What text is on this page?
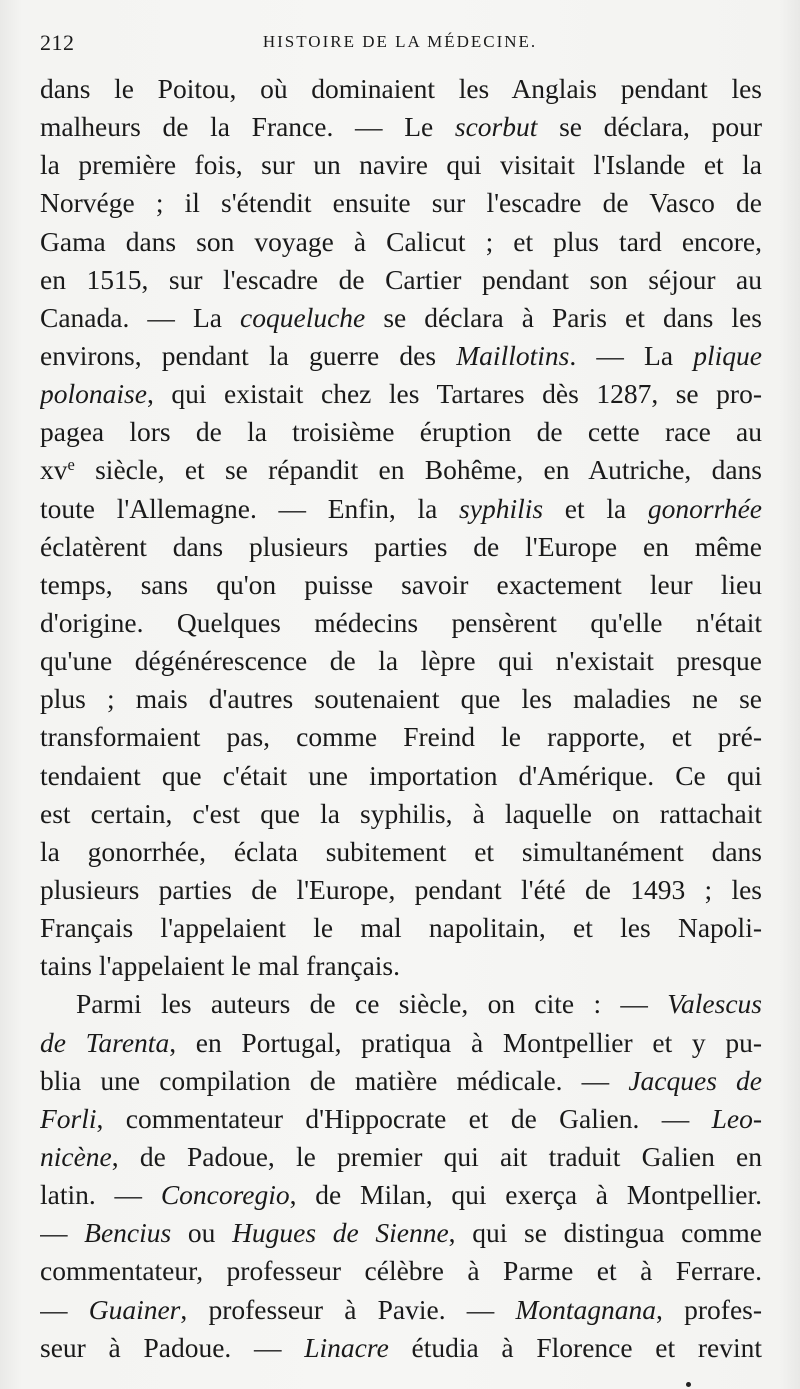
212	HISTOIRE DE LA MÉDECINE.
dans le Poitou, où dominaient les Anglais pendant les
malheurs de la France. — Le scorbut se déclara, pour
la première fois, sur un navire qui visitait l'Islande et la
Norvége ; il s'étendit ensuite sur l'escadre de Vasco de
Gama dans son voyage à Calicut ; et plus tard encore,
en 1515, sur l'escadre de Cartier pendant son séjour au
Canada. — La coqueluche se déclara à Paris et dans les
environs, pendant la guerre des Maillotins. — La plique
polonaise, qui existait chez les Tartares dès 1287, se pro-
pagea lors de la troisième éruption de cette race au
$xv^e$ siècle, et se répandit en Bohême, en Autriche, dans
toute l'Allemagne. — Enfin, la syphilis et la gonorrhée
éclatèrent dans plusieurs parties de l'Europe en même
temps, sans qu'on puisse savoir exactement leur lieu
d'origine. Quelques médecins pensèrent qu'elle n'était
qu'une dégénérescence de la lèpre qui n'existait presque
plus ; mais d'autres soutenaient que les maladies ne se
transformaient pas, comme Freind le rapporte, et pré-
tendaient que c'était une importation d'Amérique. Ce qui
est certain, c'est que la syphilis, à laquelle on rattachait
la gonorrhée, éclata subitement et simultanément dans
plusieurs parties de l'Europe, pendant l'été de 1493 ; les
Français l'appelaient le mal napolitain, et les Napoli-
tains l'appelaient le mal français.
Parmi les auteurs de ce siècle, on cite : — Valescus
de Tarenta, en Portugal, pratiqua à Montpellier et y pu-
blia une compilation de matière médicale. — Jacques de
Forli, commentateur d'Hippocrate et de Galien. — Leo-
nicène, de Padoue, le premier qui ait traduit Galien en
latin. — Concoregio, de Milan, qui exerça à Montpellier.
— Bencius ou Hugues de Sienne, qui se distingua comme
commentateur, professeur célèbre à Parme et à Ferrare.
— Guainer, professeur à Pavie. — Montagnana, profes-
seur à Padoue. — Linacre étudia à Florence et revint
